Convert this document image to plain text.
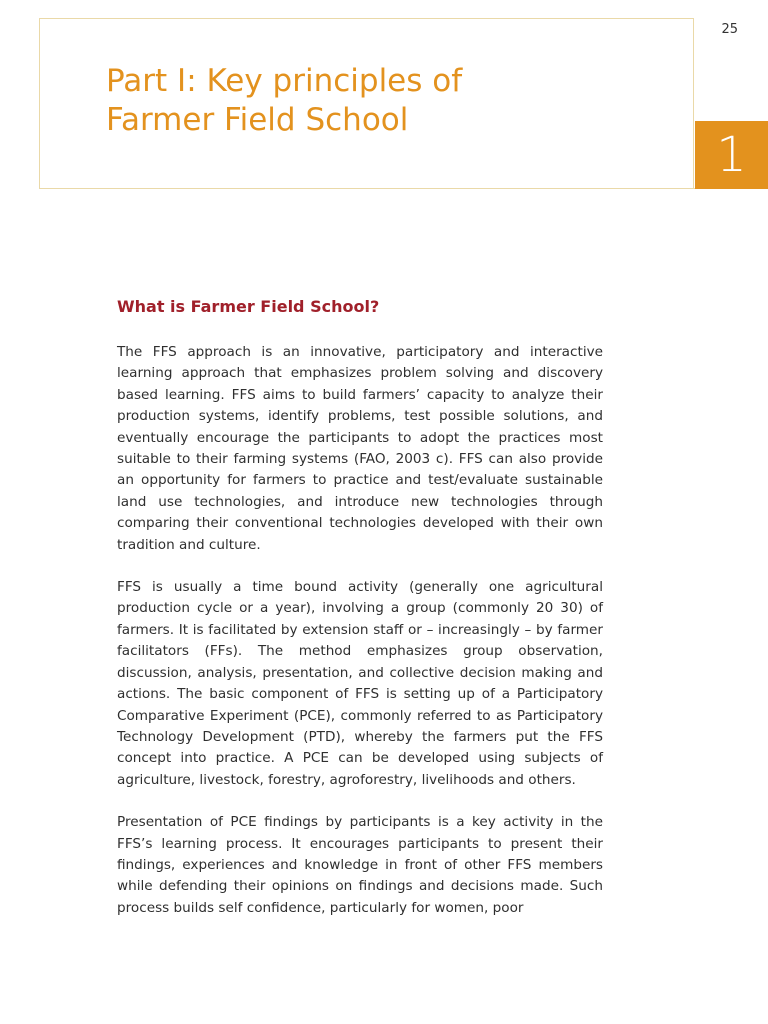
25
1
Part I: Key principles of
Farmer Field School
What is Farmer Field School?

The FFS approach is an innovative, participatory and interactive learning approach that emphasizes problem solving and discovery based learning. FFS aims to build farmers’ capacity to analyze their production systems, identify problems, test possible solutions, and eventually encourage the participants to adopt the practices most suitable to their farming systems (FAO, 2003 c). FFS can also provide an opportunity for farmers to practice and test/evaluate sustainable land use technologies, and introduce new technologies through comparing their conventional technologies developed with their own tradition and culture.

FFS is usually a time bound activity (generally one agricultural production cycle or a year), involving a group (commonly 20 30) of farmers. It is facilitated by extension staff or – increasingly – by farmer facilitators (FFs). The method emphasizes group observation, discussion, analysis, presentation, and collective decision making and actions. The basic component of FFS is setting up of a Participatory Comparative Experiment (PCE), commonly referred to as Participatory Technology Development (PTD), whereby the farmers put the FFS concept into practice. A PCE can be developed using subjects of agriculture, livestock, forestry, agroforestry, livelihoods and others.

Presentation of PCE findings by participants is a key activity in the FFS’s learning process. It encourages participants to present their findings, experiences and knowledge in front of other FFS members while defending their opinions on findings and decisions made. Such process builds self confidence, particularly for women, poor
